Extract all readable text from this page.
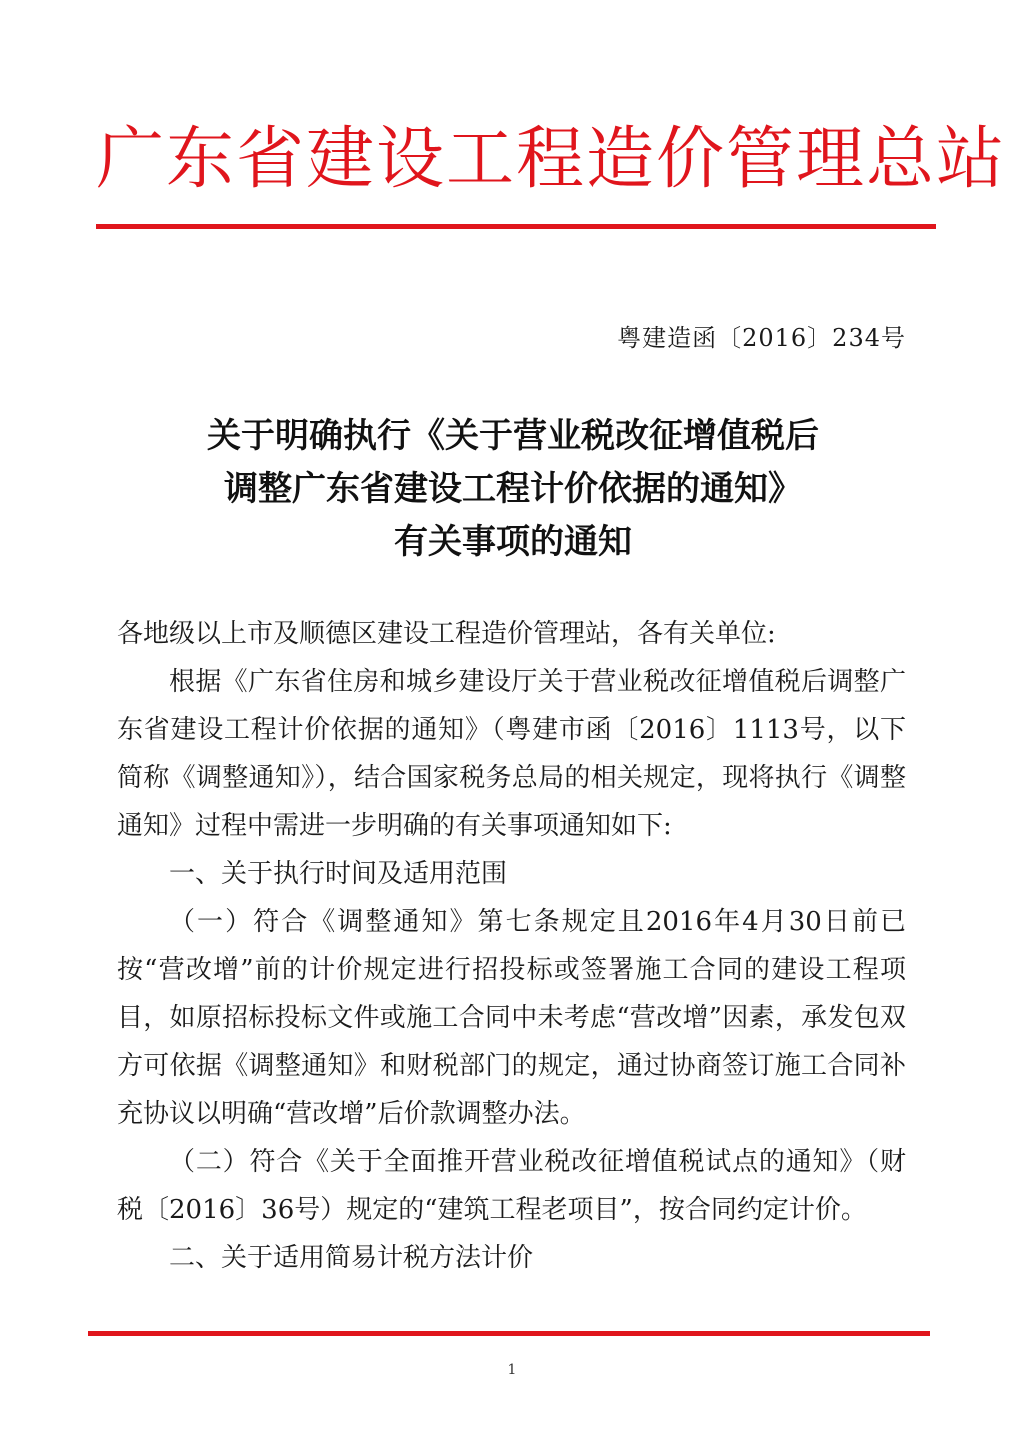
广东省建设工程造价管理总站
粤建造函〔2016〕234号
关于明确执行《关于营业税改征增值税后
调整广东省建设工程计价依据的通知》
有关事项的通知

各地级以上市及顺德区建设工程造价管理站，各有关单位:

根据《广东省住房和城乡建设厅关于营业税改征增值税后调整广东省建设工程计价依据的通知》（粤建市函〔2016〕1113号，以下简称《调整通知》），结合国家税务总局的相关规定，现将执行《调整通知》过程中需进一步明确的有关事项通知如下:

一、关于执行时间及适用范围

（一）符合《调整通知》第七条规定且2016年4月30日前已按“营改增”前的计价规定进行招投标或签署施工合同的建设工程项目，如原招标投标文件或施工合同中未考虑“营改增”因素，承发包双方可依据《调整通知》和财税部门的规定，通过协商签订施工合同补充协议以明确“营改增”后价款调整办法。

（二）符合《关于全面推开营业税改征增值税试点的通知》（财税〔2016〕36号）规定的“建筑工程老项目”，按合同约定计价。

二、关于适用简易计税方法计价

1
